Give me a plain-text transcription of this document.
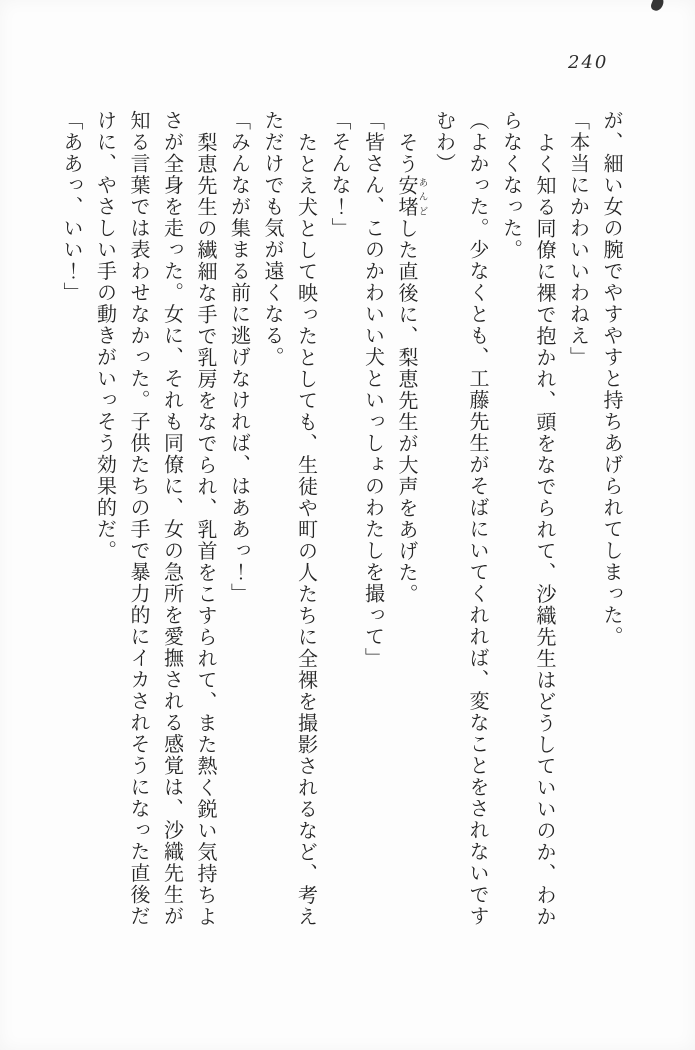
240

が、細い女の腕でやすやすと持ちあげられてしまった。

「本当にかわいいわねえ」

よく知る同僚に裸で抱かれ、頭をなでられて、沙織先生はどうしていいのか、わか
らなくなった。

（よかった。少なくとも、工藤先生がそばにいてくれれば、変なことをされないです
むわ）

そう安堵あんどした直後に、梨恵先生が大声をあげた。

「皆さん、このかわいい犬といっしょのわたしを撮って」

「そんな！」

たとえ犬として映ったとしても、生徒や町の人たちに全裸を撮影されるなど、考え
ただけでも気が遠くなる。

「みんなが集まる前に逃げなければ、はああっ！」

梨恵先生の繊細な手で乳房をなでられ、乳首をこすられて、また熱く鋭い気持ちよ
さが全身を走った。女に、それも同僚に、女の急所を愛撫される感覚は、沙織先生が
知る言葉では表わせなかった。子供たちの手で暴力的にイカされそうになった直後だ
けに、やさしい手の動きがいっそう効果的だ。

「ああっ、いい！」
